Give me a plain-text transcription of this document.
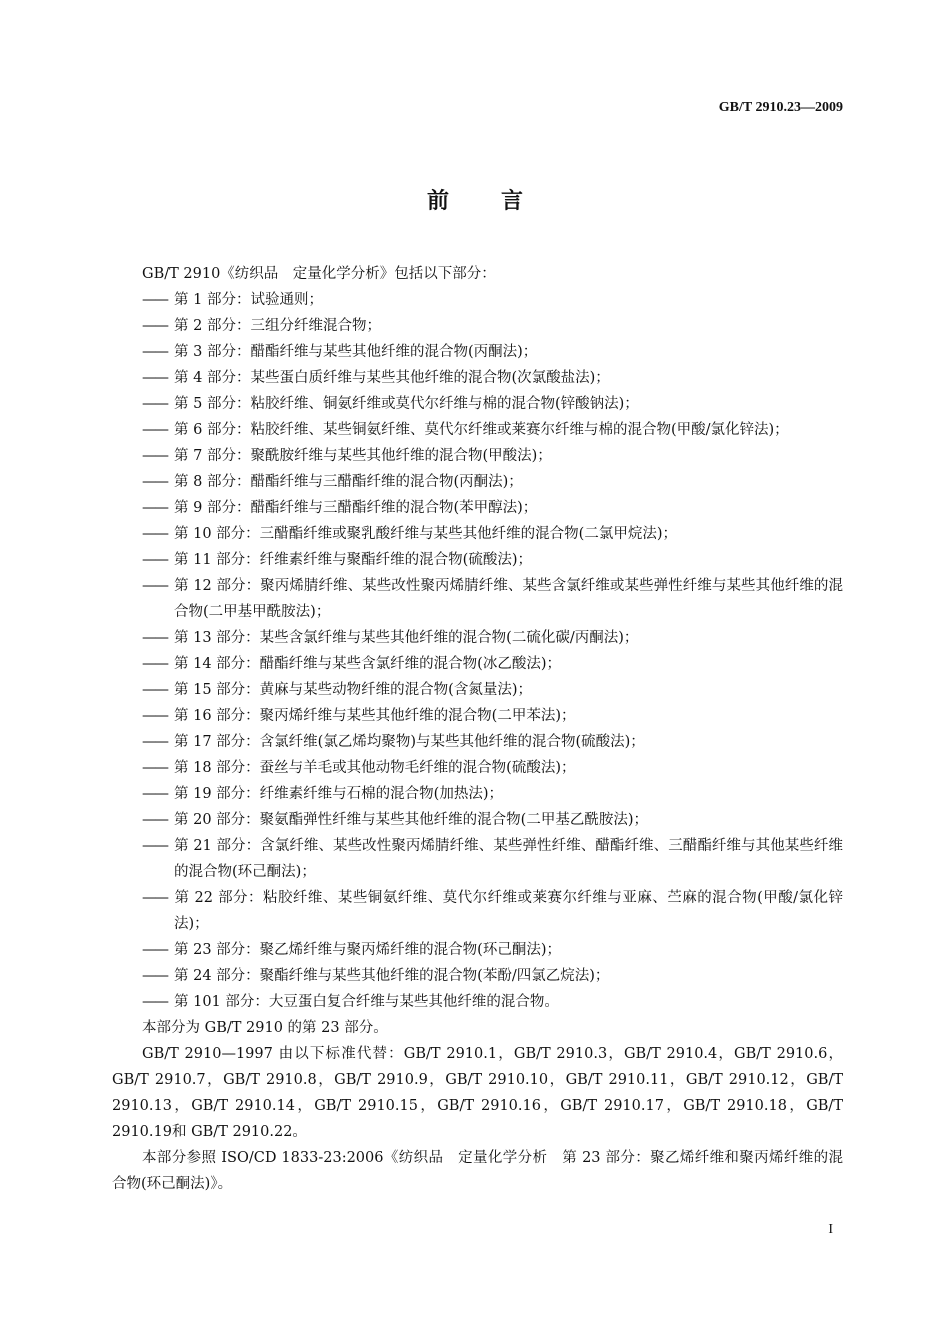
GB/T 2910.23—2009
前言

GB/T 2910《纺织品　定量化学分析》包括以下部分：

—— 第 1 部分：试验通则；

—— 第 2 部分：三组分纤维混合物；

—— 第 3 部分：醋酯纤维与某些其他纤维的混合物(丙酮法)；

—— 第 4 部分：某些蛋白质纤维与某些其他纤维的混合物(次氯酸盐法)；

—— 第 5 部分：粘胶纤维、铜氨纤维或莫代尔纤维与棉的混合物(锌酸钠法)；

—— 第 6 部分：粘胶纤维、某些铜氨纤维、莫代尔纤维或莱赛尔纤维与棉的混合物(甲酸/氯化锌法)；

—— 第 7 部分：聚酰胺纤维与某些其他纤维的混合物(甲酸法)；

—— 第 8 部分：醋酯纤维与三醋酯纤维的混合物(丙酮法)；

—— 第 9 部分：醋酯纤维与三醋酯纤维的混合物(苯甲醇法)；

—— 第 10 部分：三醋酯纤维或聚乳酸纤维与某些其他纤维的混合物(二氯甲烷法)；

—— 第 11 部分：纤维素纤维与聚酯纤维的混合物(硫酸法)；

—— 第 12 部分：聚丙烯腈纤维、某些改性聚丙烯腈纤维、某些含氯纤维或某些弹性纤维与某些其他纤维的混合物(二甲基甲酰胺法)；

—— 第 13 部分：某些含氯纤维与某些其他纤维的混合物(二硫化碳/丙酮法)；

—— 第 14 部分：醋酯纤维与某些含氯纤维的混合物(冰乙酸法)；

—— 第 15 部分：黄麻与某些动物纤维的混合物(含氮量法)；

—— 第 16 部分：聚丙烯纤维与某些其他纤维的混合物(二甲苯法)；

—— 第 17 部分：含氯纤维(氯乙烯均聚物)与某些其他纤维的混合物(硫酸法)；

—— 第 18 部分：蚕丝与羊毛或其他动物毛纤维的混合物(硫酸法)；

—— 第 19 部分：纤维素纤维与石棉的混合物(加热法)；

—— 第 20 部分：聚氨酯弹性纤维与某些其他纤维的混合物(二甲基乙酰胺法)；

—— 第 21 部分：含氯纤维、某些改性聚丙烯腈纤维、某些弹性纤维、醋酯纤维、三醋酯纤维与其他某些纤维的混合物(环己酮法)；

—— 第 22 部分：粘胶纤维、某些铜氨纤维、莫代尔纤维或莱赛尔纤维与亚麻、苎麻的混合物(甲酸/氯化锌法)；

—— 第 23 部分：聚乙烯纤维与聚丙烯纤维的混合物(环己酮法)；

—— 第 24 部分：聚酯纤维与某些其他纤维的混合物(苯酚/四氯乙烷法)；

—— 第 101 部分：大豆蛋白复合纤维与某些其他纤维的混合物。

本部分为 GB/T 2910 的第 23 部分。

GB/T 2910—1997 由以下标准代替：GB/T 2910.1，GB/T 2910.3，GB/T 2910.4，GB/T 2910.6，GB/T 2910.7，GB/T 2910.8，GB/T 2910.9，GB/T 2910.10，GB/T 2910.11，GB/T 2910.12，GB/T 2910.13，GB/T 2910.14，GB/T 2910.15，GB/T 2910.16，GB/T 2910.17，GB/T 2910.18，GB/T 2910.19和 GB/T 2910.22。

本部分参照 ISO/CD 1833-23:2006《纺织品　定量化学分析　第 23 部分：聚乙烯纤维和聚丙烯纤维的混合物(环己酮法)》。

I
